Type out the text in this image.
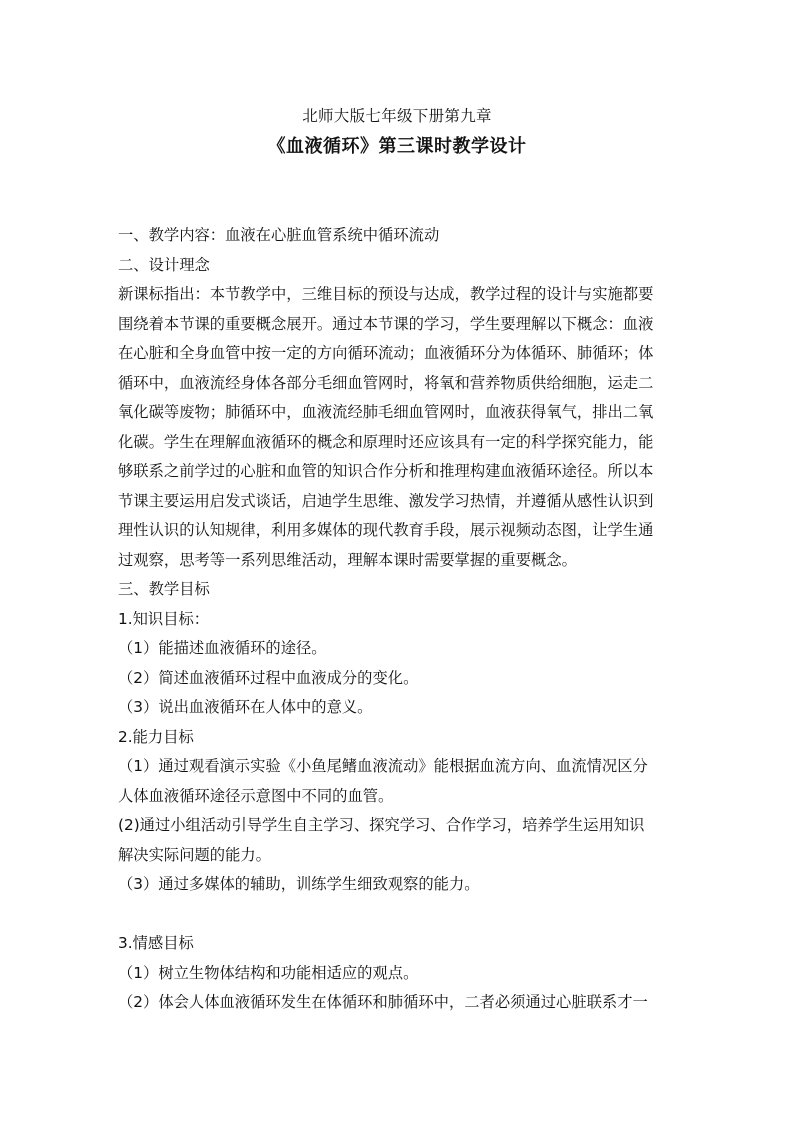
北师大版七年级下册第九章
《血液循环》第三课时教学设计
一、教学内容：血液在心脏血管系统中循环流动
二、设计理念
新课标指出：本节教学中，三维目标的预设与达成，教学过程的设计与实施都要
围绕着本节课的重要概念展开。通过本节课的学习，学生要理解以下概念：血液
在心脏和全身血管中按一定的方向循环流动；血液循环分为体循环、肺循环；体
循环中，血液流经身体各部分毛细血管网时，将氧和营养物质供给细胞，运走二
氧化碳等废物；肺循环中，血液流经肺毛细血管网时，血液获得氧气，排出二氧
化碳。学生在理解血液循环的概念和原理时还应该具有一定的科学探究能力，能
够联系之前学过的心脏和血管的知识合作分析和推理构建血液循环途径。所以本
节课主要运用启发式谈话，启迪学生思维、激发学习热情，并遵循从感性认识到
理性认识的认知规律，利用多媒体的现代教育手段，展示视频动态图，让学生通
过观察，思考等一系列思维活动，理解本课时需要掌握的重要概念。
三、教学目标
1.知识目标：
（1）能描述血液循环的途径。
（2）简述血液循环过程中血液成分的变化。
（3）说出血液循环在人体中的意义。
2.能力目标
（1）通过观看演示实验《小鱼尾鳍血液流动》能根据血流方向、血流情况区分
人体血液循环途径示意图中不同的血管。
(2)通过小组活动引导学生自主学习、探究学习、合作学习，培养学生运用知识
解决实际问题的能力。
（3）通过多媒体的辅助，训练学生细致观察的能力。
3.情感目标
（1）树立生物体结构和功能相适应的观点。
（2）体会人体血液循环发生在体循环和肺循环中，二者必须通过心脏联系才一
